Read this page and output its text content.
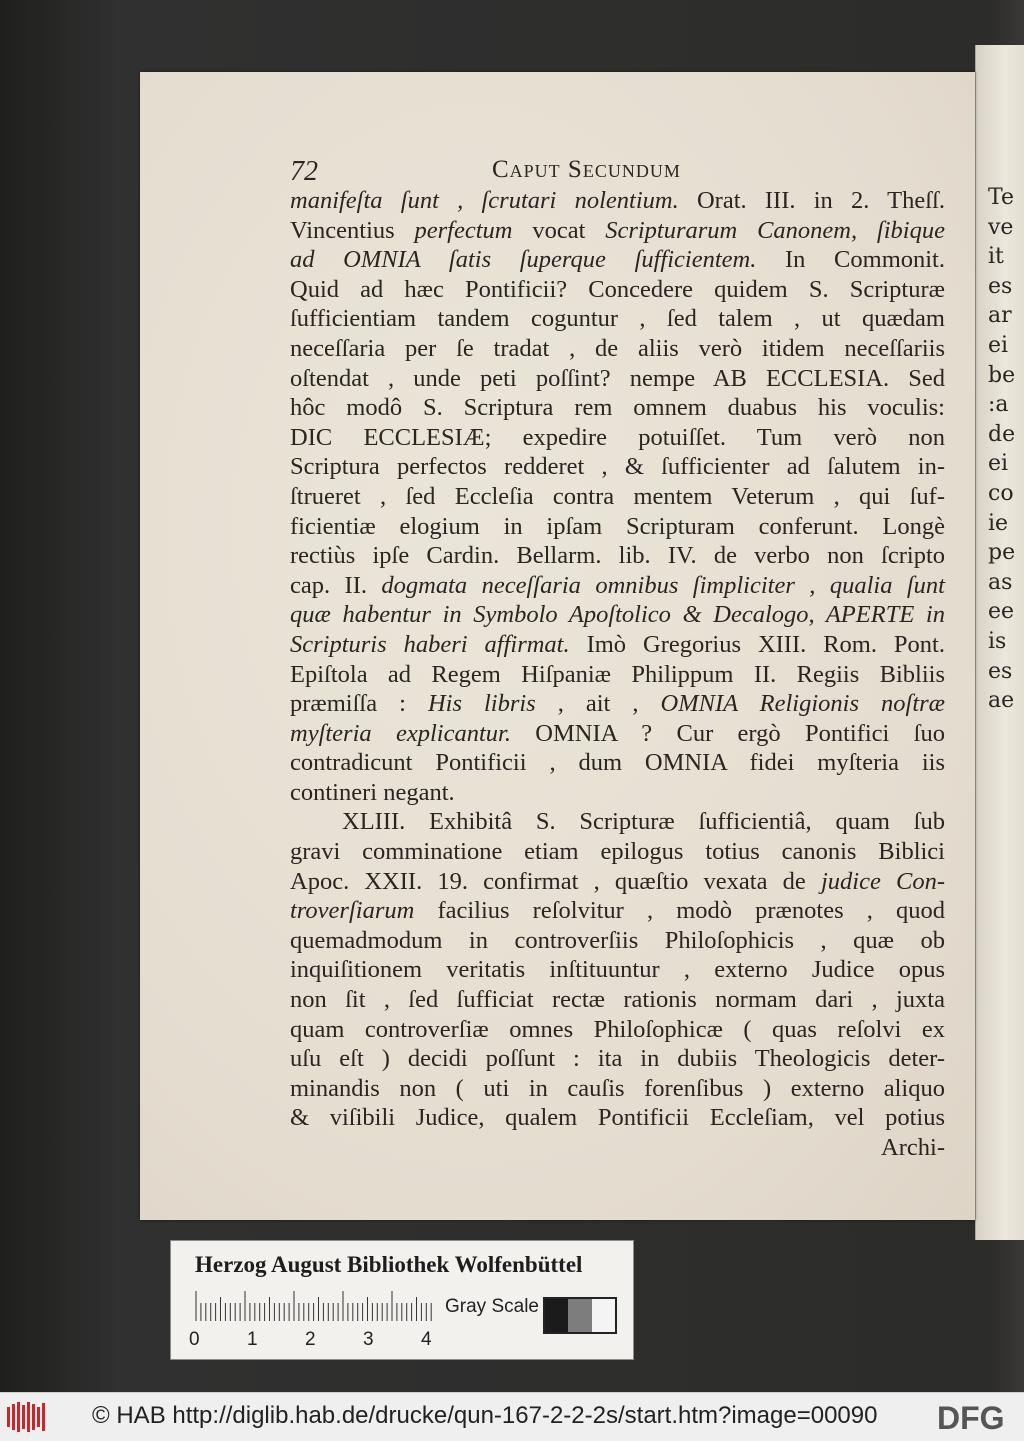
Te
ve
it
es
ar
ei
be
:a
de
ei
co
ie
pe
as
ee
is
es
ae
72	Caput Secundum
manifeſta ſunt , ſcrutari nolentium. Orat. III. in 2. Theſſ.
Vincentius perfectum vocat Scripturarum Canonem, ſibique
ad OMNIA ſatis ſuperque ſufficientem. In Commonit.
Quid ad hæc Pontificii? Concedere quidem S. Scripturæ
ſufficientiam tandem coguntur , ſed talem , ut quædam
neceſſaria per ſe tradat , de aliis verò itidem neceſſariis
oſtendat , unde peti poſſint? nempe AB ECCLESIA. Sed
hôc modô S. Scriptura rem omnem duabus his voculis:
DIC ECCLESIÆ; expedire potuiſſet. Tum verò non
Scriptura perfectos redderet , & ſufficienter ad ſalutem in-
ſtrueret , ſed Eccleſia contra mentem Veterum , qui ſuf-
ficientiæ elogium in ipſam Scripturam conferunt. Longè
rectiùs ipſe Cardin. Bellarm. lib. IV. de verbo non ſcripto
cap. II. dogmata neceſſaria omnibus ſimpliciter , qualia ſunt
quæ habentur in Symbolo Apoſtolico & Decalogo, APERTE in
Scripturis haberi affirmat. Imò Gregorius XIII. Rom. Pont.
Epiſtola ad Regem Hiſpaniæ Philippum II. Regiis Bibliis
præmiſſa : His libris , ait , OMNIA Religionis noſtræ
myſteria explicantur. OMNIA ? Cur ergò Pontifici ſuo
contradicunt Pontificii , dum OMNIA fidei myſteria iis
contineri negant.
XLIII. Exhibitâ S. Scripturæ ſufficientiâ, quam ſub
gravi comminatione etiam epilogus totius canonis Biblici
Apoc. XXII. 19. confirmat , quæſtio vexata de judice Con-
troverſiarum facilius reſolvitur , modò prænotes , quod
quemadmodum in controverſiis Philoſophicis , quæ ob
inquiſitionem veritatis inſtituuntur , externo Judice opus
non ſit , ſed ſufficiat rectæ rationis normam dari , juxta
quam controverſiæ omnes Philoſophicæ ( quas reſolvi ex
uſu eſt ) decidi poſſunt : ita in dubiis Theologicis deter-
minandis non ( uti in cauſis forenſibus ) externo aliquo
& viſibili Judice, qualem Pontificii Eccleſiam, vel potius
Archi-
Herzog August Bibliothek Wolfenbüttel
0 1 2 3 4
Gray Scale
© HAB http://diglib.hab.de/drucke/qun-167-2-2-2s/start.htm?image=00090 DFG
